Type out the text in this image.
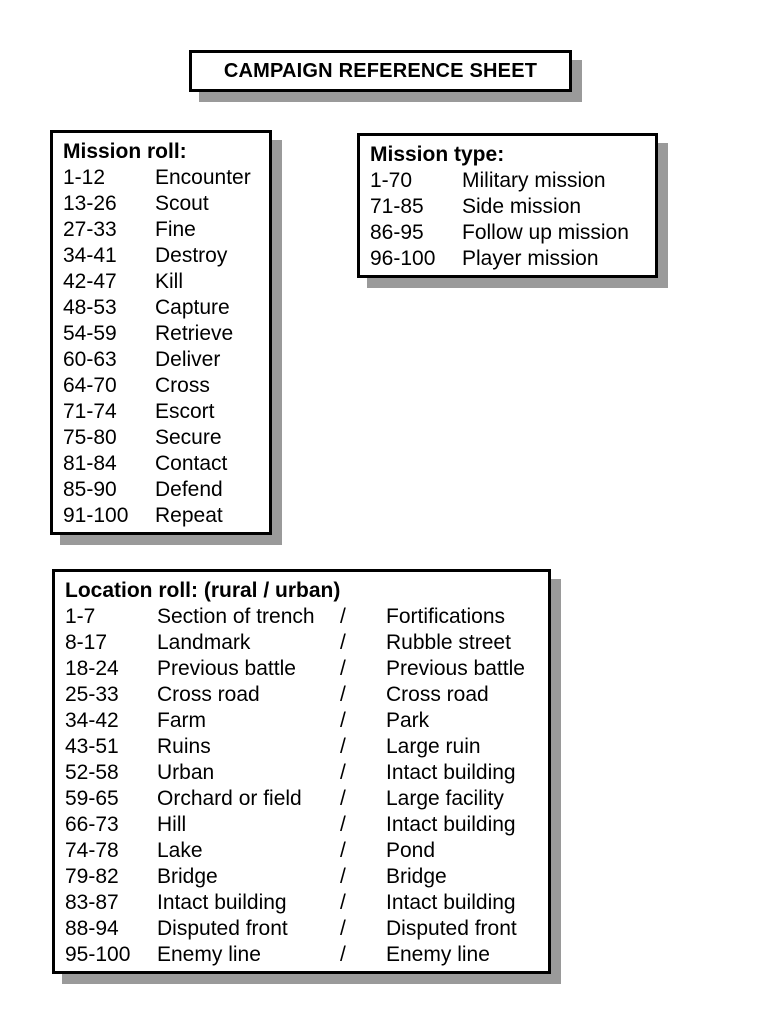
CAMPAIGN REFERENCE SHEET
Mission roll:
1-12	Encounter
13-26	Scout
27-33	Fine
34-41	Destroy
42-47	Kill
48-53	Capture
54-59	Retrieve
60-63	Deliver
64-70	Cross
71-74	Escort
75-80	Secure
81-84	Contact
85-90	Defend
91-100	Repeat
Mission type:
1-70	Military mission
71-85	Side mission
86-95	Follow up mission
96-100	Player mission
Location roll: (rural / urban)
1-7	Section of trench	/	Fortifications
8-17	Landmark	/	Rubble street
18-24	Previous battle	/	Previous battle
25-33	Cross road	/	Cross road
34-42	Farm	/	Park
43-51	Ruins	/	Large ruin
52-58	Urban	/	Intact building
59-65	Orchard or field	/	Large facility
66-73	Hill	/	Intact building
74-78	Lake	/	Pond
79-82	Bridge	/	Bridge
83-87	Intact building	/	Intact building
88-94	Disputed front	/	Disputed front
95-100	Enemy line	/	Enemy line
